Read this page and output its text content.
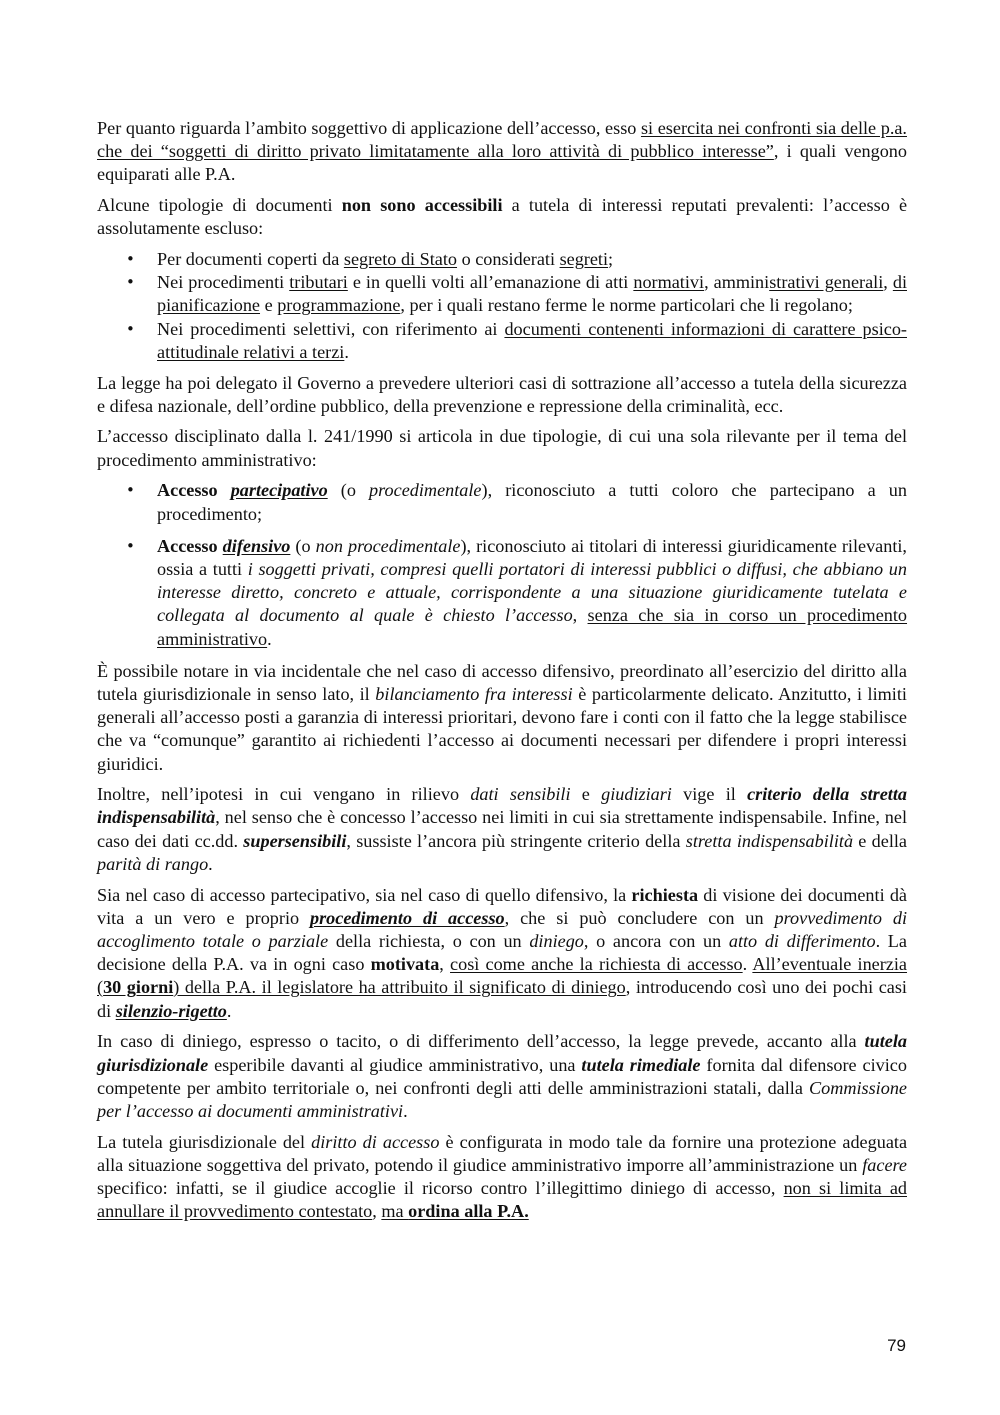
Per quanto riguarda l’ambito soggettivo di applicazione dell’accesso, esso si esercita nei confronti sia delle p.a. che dei “soggetti di diritto privato limitatamente alla loro attività di pubblico interesse”, i quali vengono equiparati alle P.A.

Alcune tipologie di documenti non sono accessibili a tutela di interessi reputati prevalenti: l’accesso è assolutamente escluso:

• Per documenti coperti da segreto di Stato o considerati segreti;
• Nei procedimenti tributari e in quelli volti all’emanazione di atti normativi, amministrativi generali, di pianificazione e programmazione, per i quali restano ferme le norme particolari che li regolano;
• Nei procedimenti selettivi, con riferimento ai documenti contenenti informazioni di carattere psico-attitudinale relativi a terzi.

La legge ha poi delegato il Governo a prevedere ulteriori casi di sottrazione all’accesso a tutela della sicurezza e difesa nazionale, dell’ordine pubblico, della prevenzione e repressione della criminalità, ecc.

L’accesso disciplinato dalla l. 241/1990 si articola in due tipologie, di cui una sola rilevante per il tema del procedimento amministrativo:

• Accesso partecipativo (o procedimentale), riconosciuto a tutti coloro che partecipano a un procedimento;
• Accesso difensivo (o non procedimentale), riconosciuto ai titolari di interessi giuridicamente rilevanti, ossia a tutti i soggetti privati, compresi quelli portatori di interessi pubblici o diffusi, che abbiano un interesse diretto, concreto e attuale, corrispondente a una situazione giuridicamente tutelata e collegata al documento al quale è chiesto l’accesso, senza che sia in corso un procedimento amministrativo.

È possibile notare in via incidentale che nel caso di accesso difensivo, preordinato all’esercizio del diritto alla tutela giurisdizionale in senso lato, il bilanciamento fra interessi è particolarmente delicato. Anzitutto, i limiti generali all’accesso posti a garanzia di interessi prioritari, devono fare i conti con il fatto che la legge stabilisce che va “comunque” garantito ai richiedenti l’accesso ai documenti necessari per difendere i propri interessi giuridici.

Inoltre, nell’ipotesi in cui vengano in rilievo dati sensibili e giudiziari vige il criterio della stretta indispensabilità, nel senso che è concesso l’accesso nei limiti in cui sia strettamente indispensabile. Infine, nel caso dei dati cc.dd. supersensibili, sussiste l’ancora più stringente criterio della stretta indispensabilità e della parità di rango.

Sia nel caso di accesso partecipativo, sia nel caso di quello difensivo, la richiesta di visione dei documenti dà vita a un vero e proprio procedimento di accesso, che si può concludere con un provvedimento di accoglimento totale o parziale della richiesta, o con un diniego, o ancora con un atto di differimento. La decisione della P.A. va in ogni caso motivata, così come anche la richiesta di accesso. All’eventuale inerzia (30 giorni) della P.A. il legislatore ha attribuito il significato di diniego, introducendo così uno dei pochi casi di silenzio-rigetto.

In caso di diniego, espresso o tacito, o di differimento dell’accesso, la legge prevede, accanto alla tutela giurisdizionale esperibile davanti al giudice amministrativo, una tutela rimediale fornita dal difensore civico competente per ambito territoriale o, nei confronti degli atti delle amministrazioni statali, dalla Commissione per l’accesso ai documenti amministrativi.

La tutela giurisdizionale del diritto di accesso è configurata in modo tale da fornire una protezione adeguata alla situazione soggettiva del privato, potendo il giudice amministrativo imporre all’amministrazione un facere specifico: infatti, se il giudice accoglie il ricorso contro l’illegittimo diniego di accesso, non si limita ad annullare il provvedimento contestato, ma ordina alla P.A.

79
